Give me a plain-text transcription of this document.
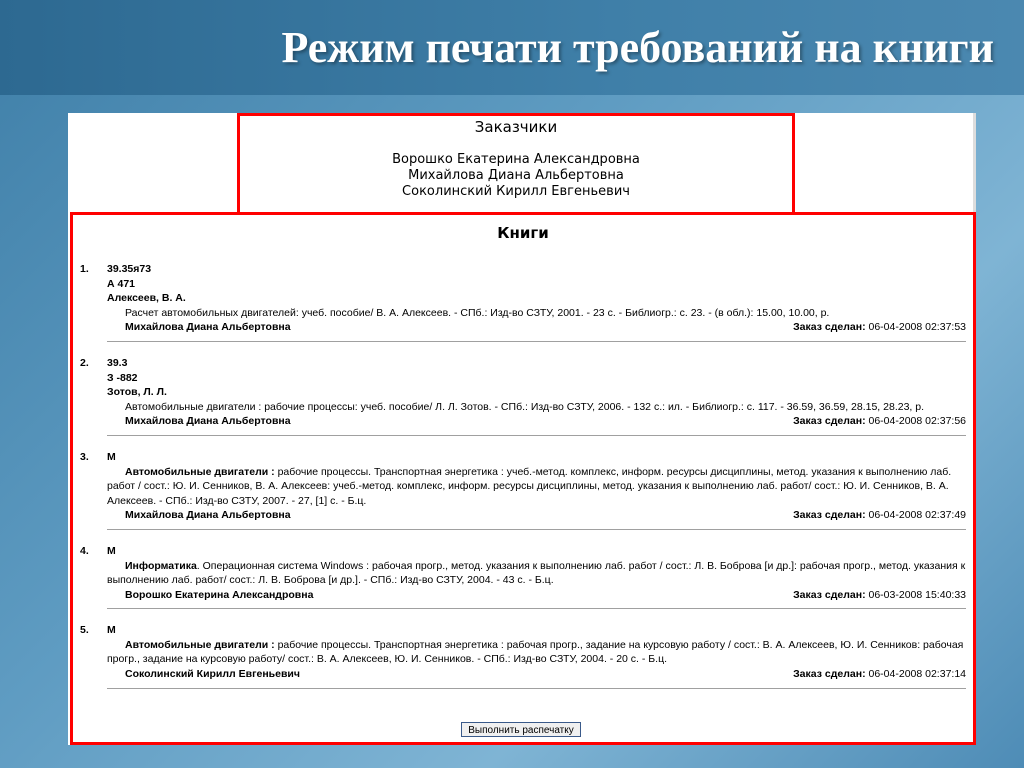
Режим печати требований на книги
Заказчики
Ворошко Екатерина Александровна
Михайлова Диана Альбертовна
Соколинский Кирилл Евгеньевич
Книги
1.	39.35я73
А 471
Алексеев, В. А.
Расчет автомобильных двигателей: учеб. пособие/ В. А. Алексеев. - СПб.: Изд-во СЗТУ, 2001. - 23 с. - Библиогр.: с. 23. - (в обл.): 15.00, 10.00, р.
Михайлова Диана Альбертовна	Заказ сделан: 06-04-2008 02:37:53
2.	39.3
З -882
Зотов, Л. Л.
Автомобильные двигатели : рабочие процессы: учеб. пособие/ Л. Л. Зотов. - СПб.: Изд-во СЗТУ, 2006. - 132 с.: ил. - Библиогр.: с. 117. - 36.59, 36.59, 28.15, 28.23, р.
Михайлова Диана Альбертовна	Заказ сделан: 06-04-2008 02:37:56
3.	М
Автомобильные двигатели : рабочие процессы. Транспортная энергетика : учеб.-метод. комплекс, информ. ресурсы дисциплины, метод. указания к выполнению лаб. работ / сост.: Ю. И. Сенников, В. А. Алексеев: учеб.-метод. комплекс, информ. ресурсы дисциплины, метод. указания к выполнению лаб. работ/ сост.: Ю. И. Сенников, В. А. Алексеев. - СПб.: Изд-во СЗТУ, 2007. - 27, [1] с. - Б.ц.
Михайлова Диана Альбертовна	Заказ сделан: 06-04-2008 02:37:49
4.	М
Информатика. Операционная система Windows : рабочая прогр., метод. указания к выполнению лаб. работ / сост.: Л. В. Боброва [и др.]: рабочая прогр., метод. указания к выполнению лаб. работ/ сост.: Л. В. Боброва [и др.]. - СПб.: Изд-во СЗТУ, 2004. - 43 с. - Б.ц.
Ворошко Екатерина Александровна	Заказ сделан: 06-03-2008 15:40:33
5.	М
Автомобильные двигатели : рабочие процессы. Транспортная энергетика : рабочая прогр., задание на курсовую работу / сост.: В. А. Алексеев, Ю. И. Сенников: рабочая прогр., задание на курсовую работу/ сост.: В. А. Алексеев, Ю. И. Сенников. - СПб.: Изд-во СЗТУ, 2004. - 20 с. - Б.ц.
Соколинский Кирилл Евгеньевич	Заказ сделан: 06-04-2008 02:37:14
Выполнить распечатку
